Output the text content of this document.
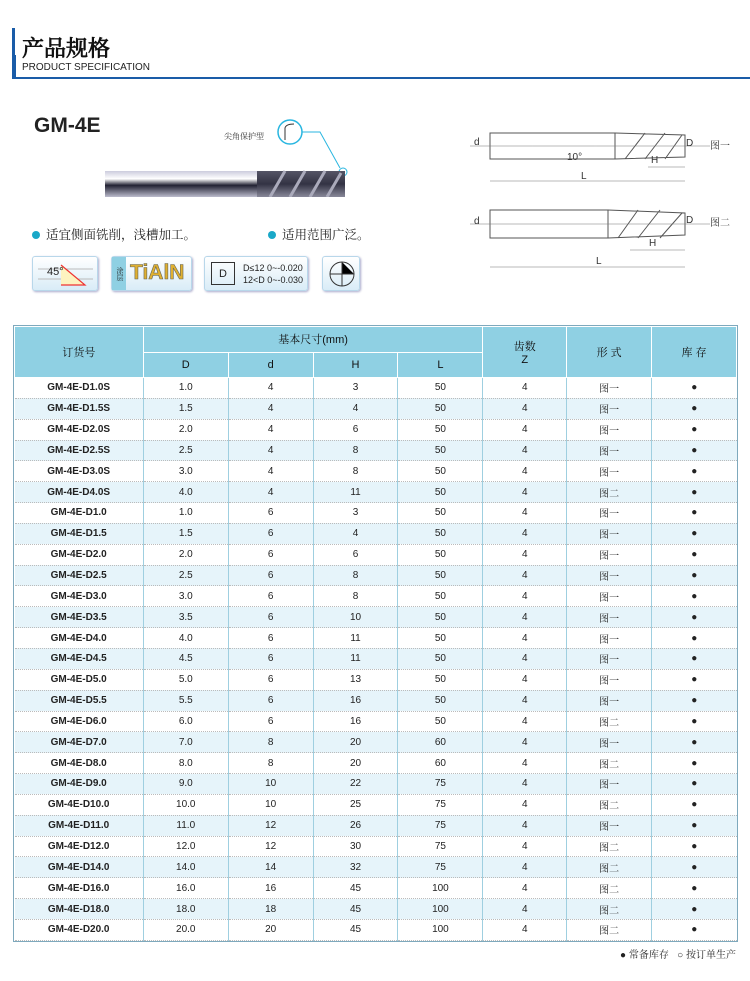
产品规格
PRODUCT SPECIFICATION
GM-4E	尖角保护型
适宜侧面铣削，浅槽加工。	适用范围广泛。
45°	涂层 TiAlN	D	D≤12 0~-0.020
12<D 0~-0.030
d
10°	H
D
L
图一
d
H
D
L
图二
订货号	基本尺寸(mm)				齿数
Z	形 式	库 存
	D	d	H	L			
GM-4E-D1.0S	1.0	4	3	50	4	图一	●
GM-4E-D1.5S	1.5	4	4	50	4	图一	●
GM-4E-D2.0S	2.0	4	6	50	4	图一	●
GM-4E-D2.5S	2.5	4	8	50	4	图一	●
GM-4E-D3.0S	3.0	4	8	50	4	图一	●
GM-4E-D4.0S	4.0	4	11	50	4	图二	●
GM-4E-D1.0	1.0	6	3	50	4	图一	●
GM-4E-D1.5	1.5	6	4	50	4	图一	●
GM-4E-D2.0	2.0	6	6	50	4	图一	●
GM-4E-D2.5	2.5	6	8	50	4	图一	●
GM-4E-D3.0	3.0	6	8	50	4	图一	●
GM-4E-D3.5	3.5	6	10	50	4	图一	●
GM-4E-D4.0	4.0	6	11	50	4	图一	●
GM-4E-D4.5	4.5	6	11	50	4	图一	●
GM-4E-D5.0	5.0	6	13	50	4	图一	●
GM-4E-D5.5	5.5	6	16	50	4	图一	●
GM-4E-D6.0	6.0	6	16	50	4	图二	●
GM-4E-D7.0	7.0	8	20	60	4	图一	●
GM-4E-D8.0	8.0	8	20	60	4	图二	●
GM-4E-D9.0	9.0	10	22	75	4	图一	●
GM-4E-D10.0	10.0	10	25	75	4	图二	●
GM-4E-D11.0	11.0	12	26	75	4	图一	●
GM-4E-D12.0	12.0	12	30	75	4	图二	●
GM-4E-D14.0	14.0	14	32	75	4	图二	●
GM-4E-D16.0	16.0	16	45	100	4	图二	●
GM-4E-D18.0	18.0	18	45	100	4	图二	●
GM-4E-D20.0	20.0	20	45	100	4	图二	●
● 常备库存 ○ 按订单生产
